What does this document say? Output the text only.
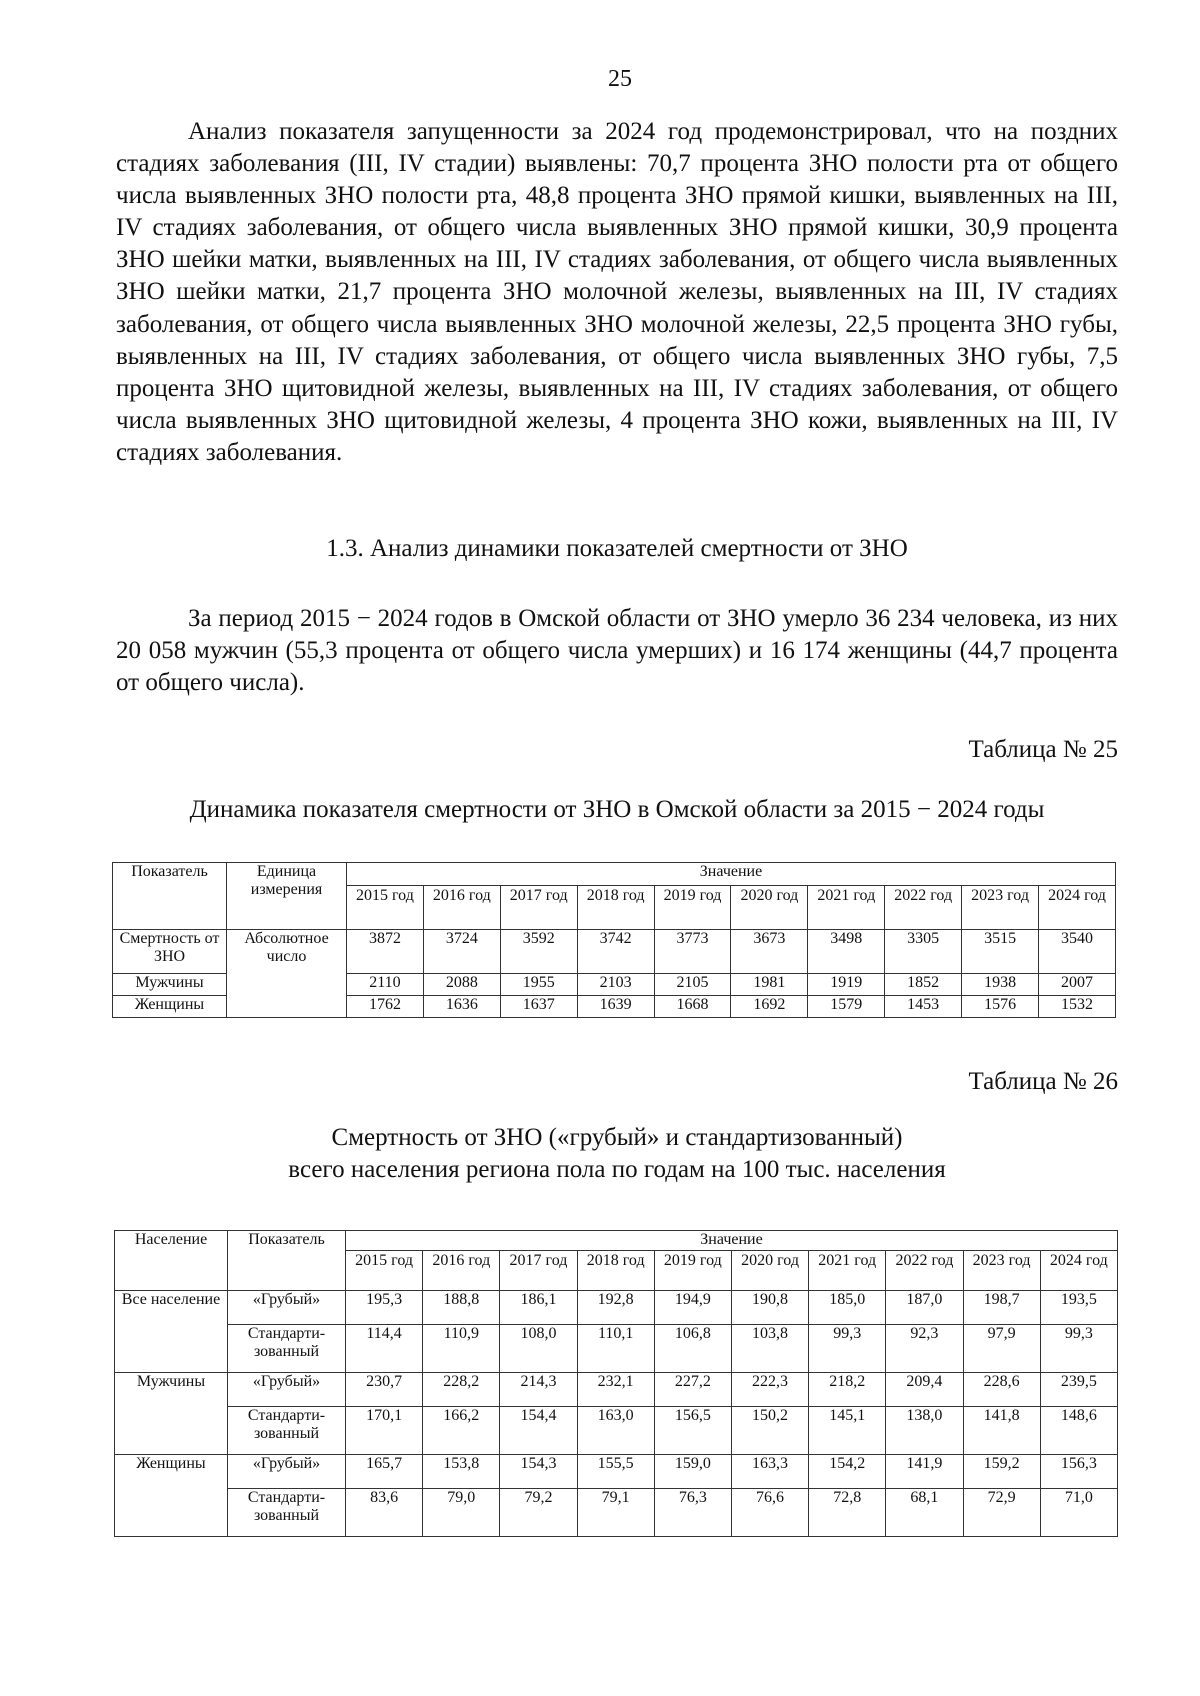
25

Анализ показателя запущенности за 2024 год продемонстрировал, что на поздних стадиях заболевания (III, IV стадии) выявлены: 70,7 процента ЗНО полости рта от общего числа выявленных ЗНО полости рта, 48,8 процента ЗНО прямой кишки, выявленных на III, IV стадиях заболевания, от общего числа выявленных ЗНО прямой кишки, 30,9 процента ЗНО шейки матки, выявленных на III, IV стадиях заболевания, от общего числа выявленных ЗНО шейки матки, 21,7 процента ЗНО молочной железы, выявленных на III, IV стадиях заболевания, от общего числа выявленных ЗНО молочной железы, 22,5 процента ЗНО губы, выявленных на III, IV стадиях заболевания, от общего числа выявленных ЗНО губы, 7,5 процента ЗНО щитовидной железы, выявленных на III, IV стадиях заболевания, от общего числа выявленных ЗНО щитовидной железы, 4 процента ЗНО кожи, выявленных на III, IV стадиях заболевания.

1.3. Анализ динамики показателей смертности от ЗНО

За период 2015 − 2024 годов в Омской области от ЗНО умерло 36 234 человека, из них 20 058 мужчин (55,3 процента от общего числа умерших) и 16 174 женщины (44,7 процента от общего числа).

Таблица № 25
Динамика показателя смертности от ЗНО в Омской области за 2015 − 2024 годы
Показатель	Единица измерения	Значение									
		2015 год	2016 год	2017 год	2018 год	2019 год	2020 год	2021 год	2022 год	2023 год	2024 год
Смертность от ЗНО	Абсолютное число	3872	3724	3592	3742	3773	3673	3498	3305	3515	3540
Мужчины		2110	2088	1955	2103	2105	1981	1919	1852	1938	2007
Женщины		1762	1636	1637	1639	1668	1692	1579	1453	1576	1532
Таблица № 26
Смертность от ЗНО («грубый» и стандартизованный)
всего населения региона пола по годам на 100 тыс. населения
Население	Показатель	Значение									
		2015 год	2016 год	2017 год	2018 год	2019 год	2020 год	2021 год	2022 год	2023 год	2024 год
Все население	«Грубый»	195,3	188,8	186,1	192,8	194,9	190,8	185,0	187,0	198,7	193,5
	Стандарти-зованный	114,4	110,9	108,0	110,1	106,8	103,8	99,3	92,3	97,9	99,3
Мужчины	«Грубый»	230,7	228,2	214,3	232,1	227,2	222,3	218,2	209,4	228,6	239,5
	Стандарти-зованный	170,1	166,2	154,4	163,0	156,5	150,2	145,1	138,0	141,8	148,6
Женщины	«Грубый»	165,7	153,8	154,3	155,5	159,0	163,3	154,2	141,9	159,2	156,3
	Стандарти-зованный	83,6	79,0	79,2	79,1	76,3	76,6	72,8	68,1	72,9	71,0
